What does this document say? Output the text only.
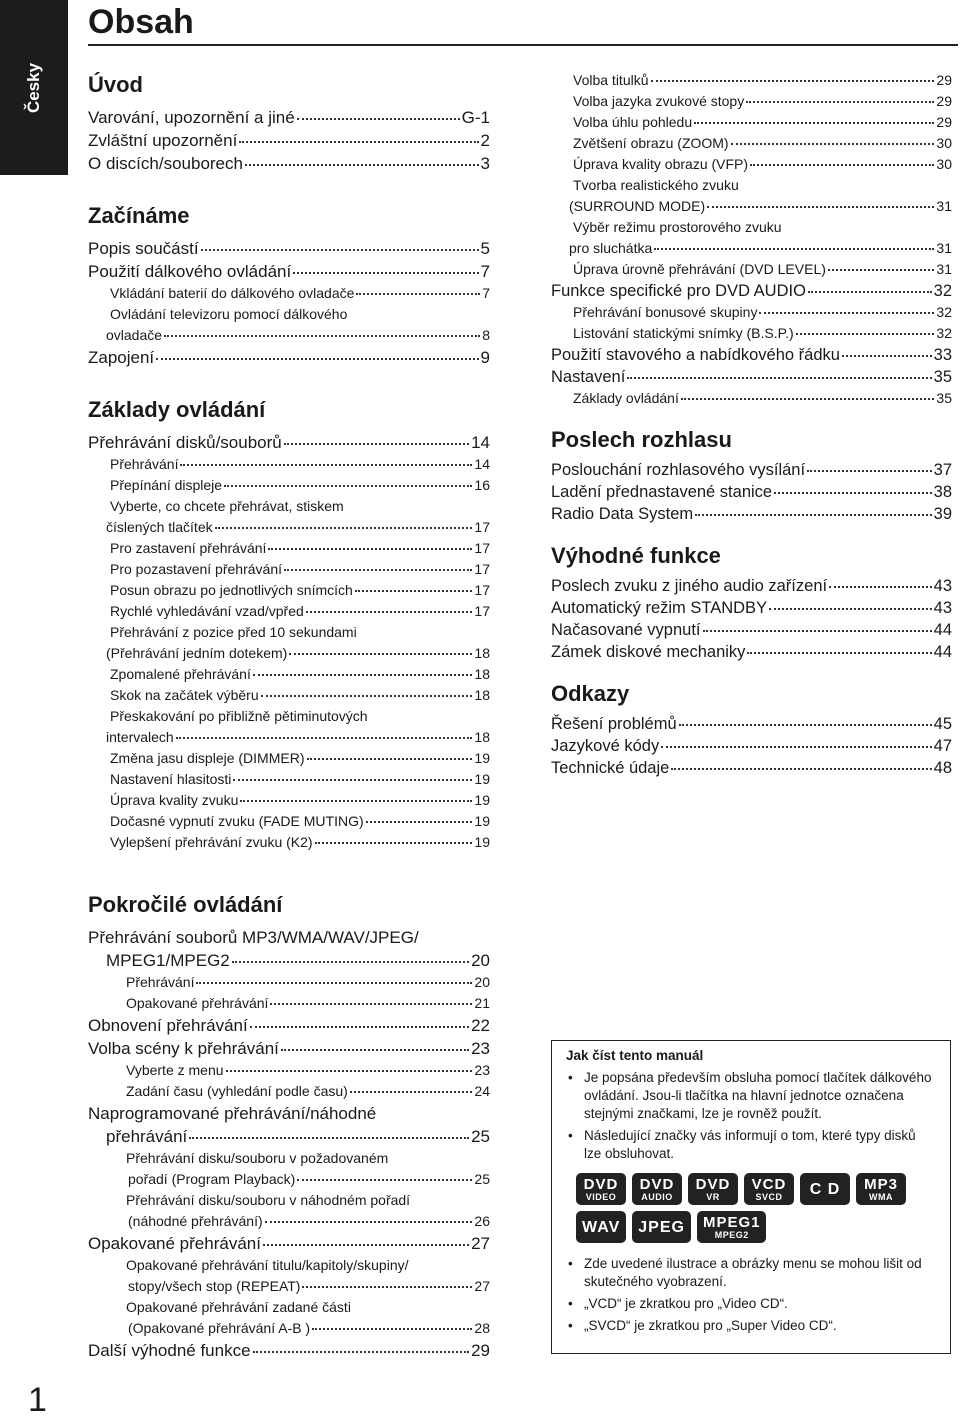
Česky
Obsah
Úvod
Varování, upozornění a jiné	G-1
Zvláštní upozornění	2
O discích/souborech	3
Začínáme
Popis součástí	5
Použití dálkového ovládání	7
Vkládání baterií do dálkového ovladače	7
Ovládání televizoru pomocí dálkového
ovladače	8
Zapojení	9
Základy ovládání
Přehrávání disků/souborů	14
Přehrávání	14
Přepínání displeje	16
Vyberte, co chcete přehrávat, stiskem
číslených tlačítek	17
Pro zastavení přehrávání	17
Pro pozastavení přehrávání	17
Posun obrazu po jednotlivých snímcích	17
Rychlé vyhledávání vzad/vpřed	17
Přehrávání z pozice před 10 sekundami
(Přehrávání jedním dotekem)	18
Zpomalené přehrávání	18
Skok na začátek výběru	18
Přeskakování po přibližně pětiminutových
intervalech	18
Změna jasu displeje (DIMMER)	19
Nastavení hlasitosti	19
Úprava kvality zvuku	19
Dočasné vypnutí zvuku (FADE MUTING)	19
Vylepšení přehrávání zvuku (K2)	19
Pokročilé ovládání
Přehrávání souborů MP3/WMA/WAV/JPEG/
MPEG1/MPEG2	20
Přehrávání	20
Opakované přehrávání	21
Obnovení přehrávání	22
Volba scény k přehrávání	23
Vyberte z menu	23
Zadání času (vyhledání podle času)	24
Naprogramované přehrávání/náhodné
přehrávání	25
Přehrávání disku/souboru v požadovaném
pořadí (Program Playback)	25
Přehrávání disku/souboru v náhodném pořadí
(náhodné přehrávání)	26
Opakované přehrávání	27
Opakované přehrávání titulu/kapitoly/skupiny/
stopy/všech stop (REPEAT)	27
Opakované přehrávání zadané části
(Opakované přehrávání A-B )	28
Další výhodné funkce	29
Volba titulků	29
Volba jazyka zvukové stopy	29
Volba úhlu pohledu	29
Zvětšení obrazu (ZOOM)	30
Úprava kvality obrazu (VFP)	30
Tvorba realistického zvuku
(SURROUND MODE)	31
Výběr režimu prostorového zvuku
pro sluchátka	31
Úprava úrovně přehrávání (DVD LEVEL)	31
Funkce specifické pro DVD AUDIO	32
Přehrávání bonusové skupiny	32
Listování statickými snímky (B.S.P.)	32
Použití stavového a nabídkového řádku	33
Nastavení	35
Základy ovládání	35
Poslech rozhlasu
Poslouchání rozhlasového vysílání	37
Ladění přednastavené stanice	38
Radio Data System	39
Výhodné funkce
Poslech zvuku z jiného audio zařízení	43
Automatický režim STANDBY	43
Načasované vypnutí	44
Zámek diskové mechaniky	44
Odkazy
Řešení problémů	45
Jazykové kódy	47
Technické údaje	48
Jak číst tento manuál
• Je popsána především obsluha pomocí tlačítek dálkového ovládání. Jsou-li tlačítka na hlavní jednotce označena stejnými značkami, lze je rovněž použít.
• Následující značky vás informují o tom, které typy disků lze obsluhovat.
DVD
VIDEO
DVD
AUDIO
DVD
VR
VCD
SVCD C D MP3
WMA
WAV JPEG MPEG1
MPEG2
• Zde uvedené ilustrace a obrázky menu se mohou lišit od skutečného vyobrazení.
• „VCD“ je zkratkou pro „Video CD“.
• „SVCD“ je zkratkou pro „Super Video CD“.
1
